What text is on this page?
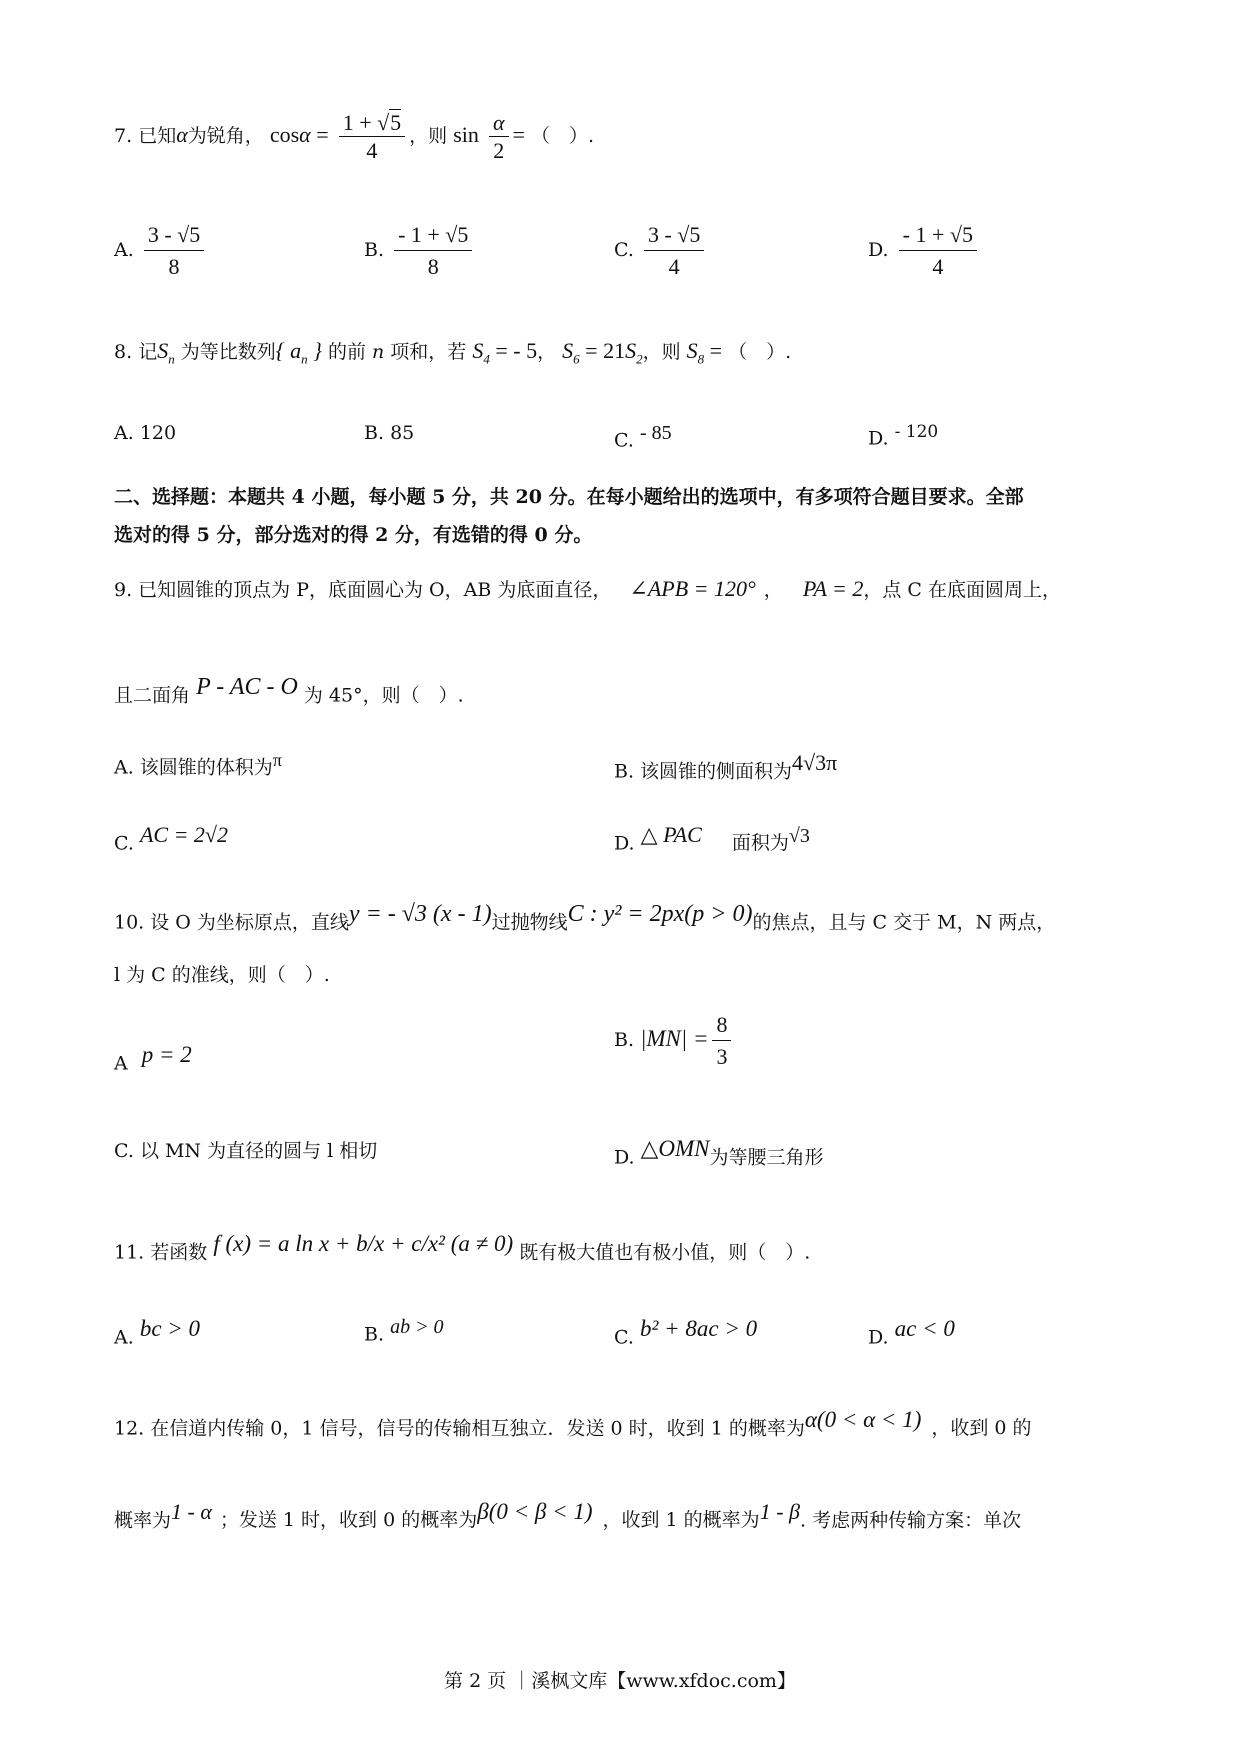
7. 已知α为锐角， $\cos\alpha = \frac{1 + √5}{4}$ ，则 $\sin \frac{\alpha}{2}$ = （　）.
A. $\frac{3 - √5}{8}$	B. $\frac{- 1 + √5}{8}$	C. $\frac{3 - √5}{4}$	D. $\frac{- 1 + √5}{4}$
8. 记$S_n$ 为等比数列{ $a_n$ } 的前 n 项和，若 $S_4$ = - 5， $S_6 = 21S_2$，则 $S_8$ = （　）.
A. 120	B. 85	C. $^{- 85}$	D. $^{- 120}$
二、选择题：本题共 4 小题，每小题 5 分，共 20 分。在每小题给出的选项中，有多项符合题目要求。全部
选对的得 5 分，部分选对的得 2 分，有选错的得 0 分。
9. 已知圆锥的顶点为 P，底面圆心为 O，AB 为底面直径， ∠APB = 120° ， PA = 2，点 C 在底面圆周上，
且二面角 $^{P - AC - O}$ 为 45°，则（　）.
A. 该圆锥的体积为$^\pi$
B. 该圆锥的侧面积为$^{4√3\pi}$
C. $^{AC = 2√2}$	D. $^{\triangle PAC}$ 面积为$^{√3}$
10. 设 O 为坐标原点，直线$^{y = - √3 (x - 1)}$过抛物线$^{C : y^2 = 2px(p > 0)}$的焦点，且与 C 交于 M，N 两点，
l 为 C 的准线，则（　）.
A $^{p = 2}$
B. $|MN| = \frac{8}{3}$
C. 以 MN 为直径的圆与 l 相切	D. $^{\triangle OMN}$为等腰三角形
11. 若函数 $^{f (x) = a ln x + b/x + c/x^2 (a \ne 0)}$ 既有极大值也有极小值，则（　）.
A. $^{bc > 0}$	B. $^{ab > 0}$	C. $^{b^2 + 8ac > 0}$	D. $^{ac < 0}$
12. 在信道内传输 0，1 信号，信号的传输相互独立．发送 0 时，收到 1 的概率为$^{\alpha(0 < \alpha < 1)}$ ，收到 0 的
概率为$^{1 - \alpha}$ ；发送 1 时，收到 0 的概率为$^{\beta(0 < \beta < 1)}$ ，收到 1 的概率为$^{1 - \beta}$. 考虑两种传输方案：单次
第 2 页 ｜溪枫文库【www.xfdoc.com】
